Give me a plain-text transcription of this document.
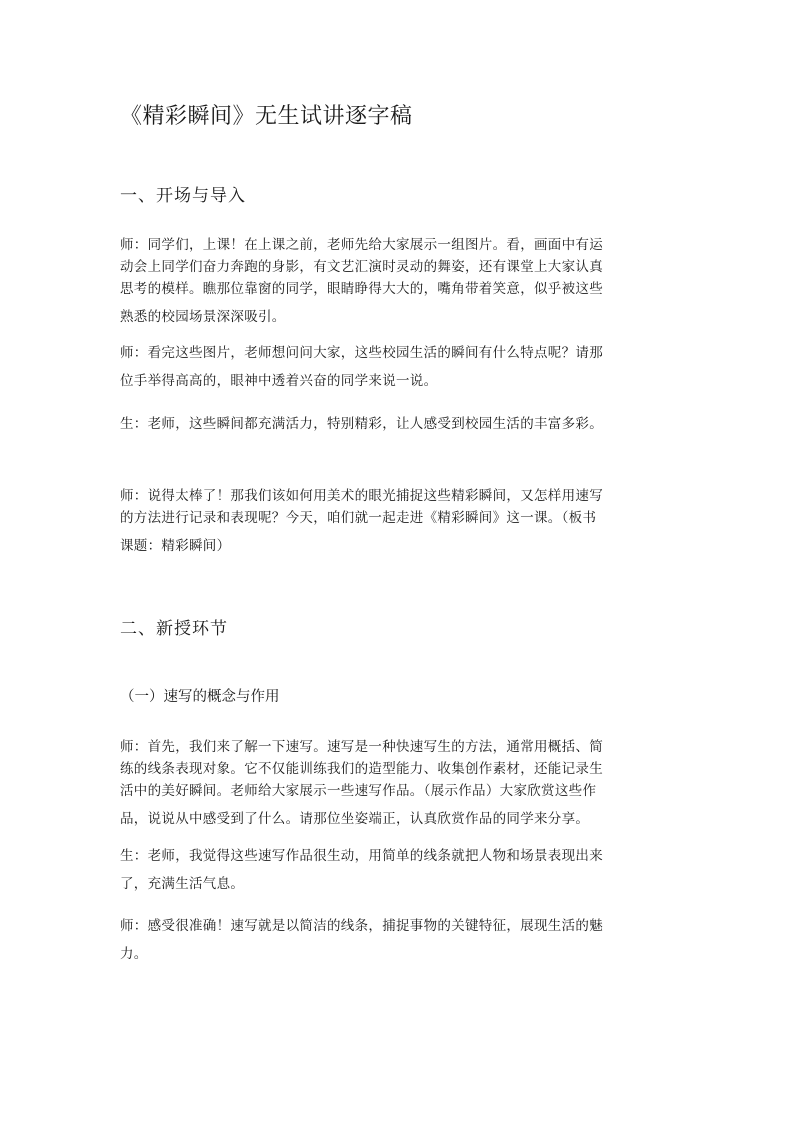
《精彩瞬间》无生试讲逐字稿
一、开场与导入
师：同学们，上课！在上课之前，老师先给大家展示一组图片。看，画面中有运
动会上同学们奋力奔跑的身影，有文艺汇演时灵动的舞姿，还有课堂上大家认真
思考的模样。瞧那位靠窗的同学，眼睛睁得大大的，嘴角带着笑意，似乎被这些
熟悉的校园场景深深吸引。
师：看完这些图片，老师想问问大家，这些校园生活的瞬间有什么特点呢？请那
位手举得高高的，眼神中透着兴奋的同学来说一说。
生：老师，这些瞬间都充满活力，特别精彩，让人感受到校园生活的丰富多彩。
师：说得太棒了！那我们该如何用美术的眼光捕捉这些精彩瞬间，又怎样用速写
的方法进行记录和表现呢？今天，咱们就一起走进《精彩瞬间》这一课。（板书
课题：精彩瞬间）
二、新授环节
（一）速写的概念与作用
师：首先，我们来了解一下速写。速写是一种快速写生的方法，通常用概括、简
练的线条表现对象。它不仅能训练我们的造型能力、收集创作素材，还能记录生
活中的美好瞬间。老师给大家展示一些速写作品。（展示作品）大家欣赏这些作
品，说说从中感受到了什么。请那位坐姿端正，认真欣赏作品的同学来分享。
生：老师，我觉得这些速写作品很生动，用简单的线条就把人物和场景表现出来
了，充满生活气息。
师：感受很准确！速写就是以简洁的线条，捕捉事物的关键特征，展现生活的魅
力。
